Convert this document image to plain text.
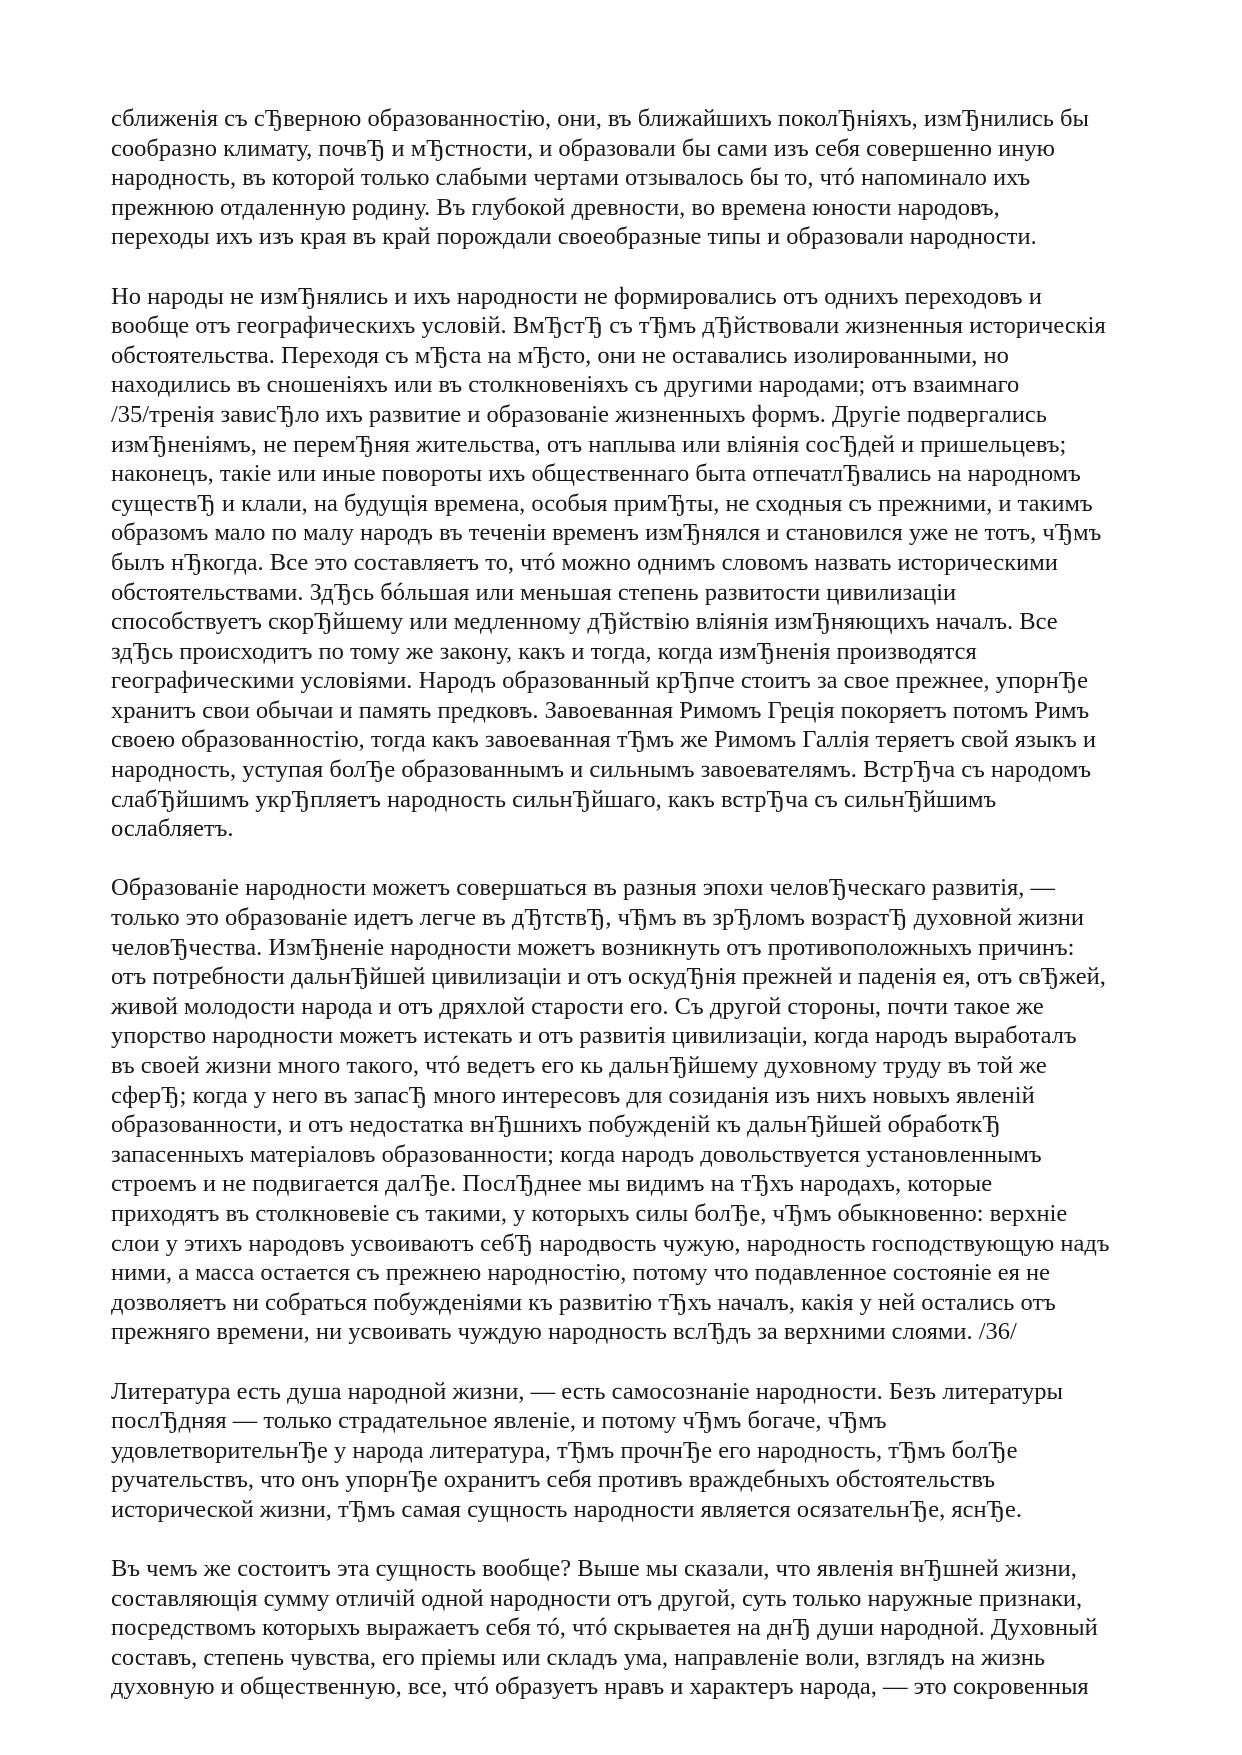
сближенія съ сЂверною образованностію, они, въ ближайшихъ поколЂніяхъ, измЂнились бы
сообразно климату, почвЂ и мЂстности, и образовали бы сами изъ себя совершенно иную
народность, въ которой только слабыми чертами отзывалось бы то, чтó напоминало ихъ
прежнюю отдаленную родину. Въ глубокой древности, во времена юности народовъ,
переходы ихъ изъ края въ край порождали своеобразные типы и образовали народности.

Но народы не измЂнялись и ихъ народности не формировались отъ однихъ переходовъ и
вообще отъ географическихъ условій. ВмЂстЂ съ тЂмъ дЂйствовали жизненныя историческія
обстоятельства. Переходя съ мЂста на мЂсто, они не оставались изолированными, но
находились въ сношеніяхъ или въ столкновеніяхъ съ другими народами; отъ взаимнаго
/35/тренія зависЂло ихъ развитие и образованіе жизненныхъ формъ. Другіе подвергались
измЂненіямъ, не перемЂняя жительства, отъ наплыва или вліянія сосЂдей и пришельцевъ;
наконецъ, такіе или иные повороты ихъ общественнаго быта отпечатлЂвались на народномъ
существЂ и клали, на будущія времена, особыя примЂты, не сходныя съ прежними, и такимъ
образомъ мало по малу народъ въ теченіи временъ измЂнялся и становился уже не тотъ, чЂмъ
былъ нЂкогда. Все это составляетъ то, чтó можно однимъ словомъ назвать историческими
обстоятельствами. ЗдЂсь бóльшая или меньшая степень развитости цивилизаціи
способствуетъ скорЂйшему или медленному дЂйствію вліянія измЂняющихъ началъ. Все
здЂсь происходитъ по тому же закону, какъ и тогда, когда измЂненія производятся
географическими условіями. Народъ образованный крЂпче стоитъ за свое прежнее, упорнЂе
хранитъ свои обычаи и память предковъ. Завоеванная Римомъ Греція покоряетъ потомъ Римъ
своею образованностію, тогда какъ завоеванная тЂмъ же Римомъ Галлія теряетъ свой языкъ и
народность, уступая болЂе образованнымъ и сильнымъ завоевателямъ. ВстрЂча съ народомъ
слабЂйшимъ укрЂпляетъ народность сильнЂйшаго, какъ встрЂча съ сильнЂйшимъ
ослабляетъ.

Образованіе народности можетъ совершаться въ разныя эпохи человЂческаго развитія, —
только это образованіе идетъ легче въ дЂтствЂ, чЂмъ въ зрЂломъ возрастЂ духовной жизни
человЂчества. ИзмЂненіе народности можетъ возникнуть отъ противоположныхъ причинъ:
отъ потребности дальнЂйшей цивилизаціи и отъ оскудЂнія прежней и паденія ея, отъ свЂжей,
живой молодости народа и отъ дряхлой старости его. Съ другой стороны, почти такое же
упорство народности можетъ истекать и отъ развитія цивилизаціи, когда народъ выработалъ
въ своей жизни много такого, чтó ведетъ его кь дальнЂйшему духовному труду въ той же
сферЂ; когда у него въ запасЂ много интересовъ для созиданія изъ нихъ новыхъ явленій
образованности, и отъ недостатка внЂшнихъ побужденій къ дальнЂйшей обработкЂ
запасенныхъ матеріаловъ образованности; когда народъ довольствуется установленнымъ
строемъ и не подвигается далЂе. ПослЂднее мы видимъ на тЂхъ народахъ, которые
приходятъ въ столкновевіе съ такими, у которыхъ силы болЂе, чЂмъ обыкновенно: верхніе
слои у этихъ народовъ усвоиваютъ себЂ народвость чужую, народность господствующую надъ
ними, а масса остается съ прежнею народностію, потому что подавленное состояніе ея не
дозволяетъ ни собраться побужденіями къ развитію тЂхъ началъ, какія у ней остались отъ
прежняго времени, ни усвоивать чуждую народность вслЂдъ за верхними слоями. /36/

Литература есть душа народной жизни, — есть самосознаніе народности. Безъ литературы
послЂдняя — только страдательное явленіе, и потому чЂмъ богаче, чЂмъ
удовлетворительнЂе у народа литература, тЂмъ прочнЂе его народность, тЂмъ болЂе
ручательствъ, что онъ упорнЂе охранитъ себя противъ враждебныхъ обстоятельствъ
исторической жизни, тЂмъ самая сущность народности является осязательнЂе, яснЂе.

Въ чемъ же состоитъ эта сущность вообще? Выше мы сказали, что явленія внЂшней жизни,
составляющія сумму отличій одной народности отъ другой, суть только наружные признаки,
посредствомъ которыхъ выражаетъ себя тó, чтó скрываетея на днЂ души народной. Духовный
составъ, степень чувства, его пріемы или складъ ума, направленіе воли, взглядъ на жизнь
духовную и общественную, все, чтó образуетъ нравъ и характеръ народа, — это сокровенныя
